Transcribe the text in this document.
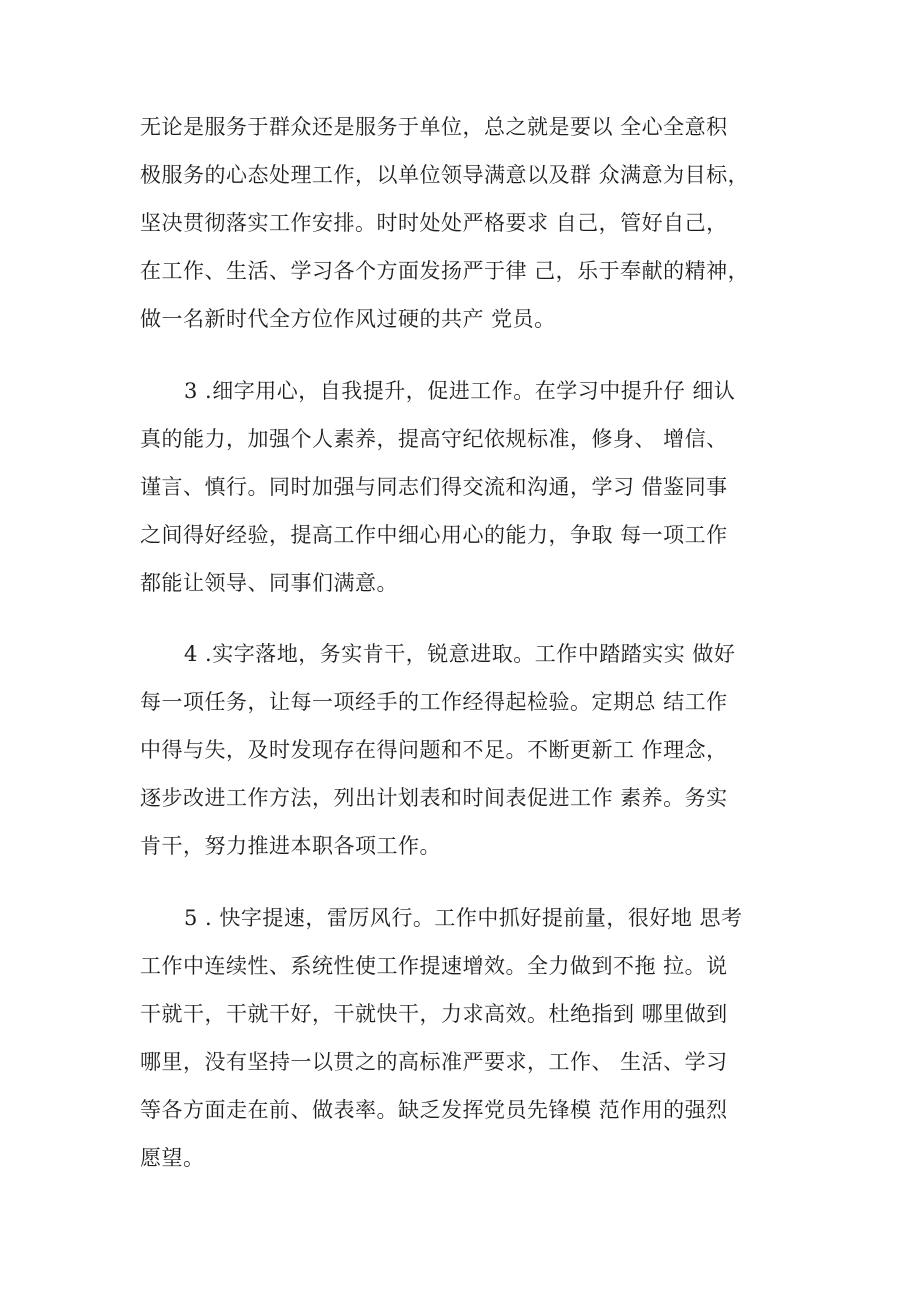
无论是服务于群众还是服务于单位，总之就是要以 全心全意积
极服务的心态处理工作，以单位领导满意以及群 众满意为目标，
坚决贯彻落实工作安排。时时处处严格要求 自己，管好自己，
在工作、生活、学习各个方面发扬严于律 己，乐于奉献的精神，
做一名新时代全方位作风过硬的共产 党员。
3 .细字用心，自我提升，促进工作。在学习中提升仔 细认
真的能力，加强个人素养，提高守纪依规标准，修身、 增信、
谨言、慎行。同时加强与同志们得交流和沟通，学习 借鉴同事
之间得好经验，提高工作中细心用心的能力，争取 每一项工作
都能让领导、同事们满意。
4 .实字落地，务实肯干，锐意进取。工作中踏踏实实 做好
每一项任务，让每一项经手的工作经得起检验。定期总 结工作
中得与失，及时发现存在得问题和不足。不断更新工 作理念，
逐步改进工作方法，列出计划表和时间表促进工作 素养。务实
肯干，努力推进本职各项工作。
5 . 快字提速，雷厉风行。工作中抓好提前量，很好地 思考
工作中连续性、系统性使工作提速增效。全力做到不拖 拉。说
干就干，干就干好，干就快干，力求高效。杜绝指到 哪里做到
哪里，没有坚持一以贯之的高标准严要求，工作、 生活、学习
等各方面走在前、做表率。缺乏发挥党员先锋模 范作用的强烈
愿望。
